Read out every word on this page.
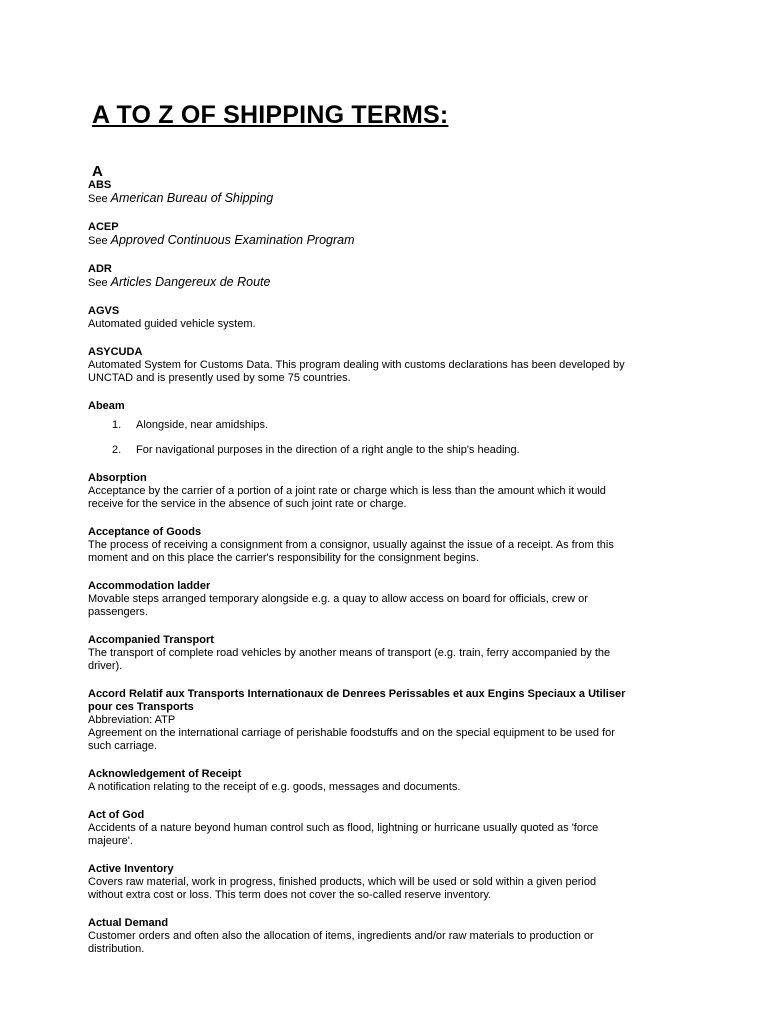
A TO Z OF SHIPPING TERMS:
A
ABS
See American Bureau of Shipping
ACEP
See Approved Continuous Examination Program
ADR
See Articles Dangereux de Route
AGVS
Automated guided vehicle system.
ASYCUDA
Automated System for Customs Data. This program dealing with customs declarations has been developed by UNCTAD and is presently used by some 75 countries.
Abeam
1.	Alongside, near amidships.
2.	For navigational purposes in the direction of a right angle to the ship's heading.
Absorption
Acceptance by the carrier of a portion of a joint rate or charge which is less than the amount which it would receive for the service in the absence of such joint rate or charge.
Acceptance of Goods
The process of receiving a consignment from a consignor, usually against the issue of a receipt. As from this moment and on this place the carrier's responsibility for the consignment begins.
Accommodation ladder
Movable steps arranged temporary alongside e.g. a quay to allow access on board for officials, crew or passengers.
Accompanied Transport
The transport of complete road vehicles by another means of transport (e.g. train, ferry accompanied by the driver).
Accord Relatif aux Transports Internationaux de Denrees Perissables et aux Engins Speciaux a Utiliser pour ces Transports
Abbreviation: ATP
Agreement on the international carriage of perishable foodstuffs and on the special equipment to be used for such carriage.
Acknowledgement of Receipt
A notification relating to the receipt of e.g. goods, messages and documents.
Act of God
Accidents of a nature beyond human control such as flood, lightning or hurricane usually quoted as 'force majeure'.
Active Inventory
Covers raw material, work in progress, finished products, which will be used or sold within a given period without extra cost or loss. This term does not cover the so-called reserve inventory.
Actual Demand
Customer orders and often also the allocation of items, ingredients and/or raw materials to production or distribution.
